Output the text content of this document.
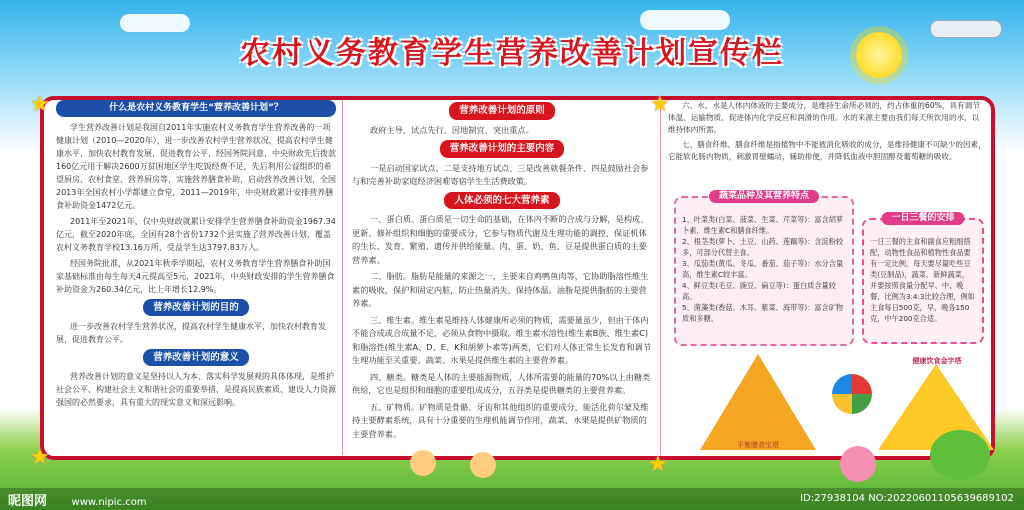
农村义务教育学生营养改善计划宣传栏
什么是农村义务教育学生“营养改善计划”？

学生营养改善计划是我国自2011年实施农村义务教育学生营养改善的一项健康计划（2010—2020年），进一步改善农村学生营养状况，提高农村学生健康水平，加快农村教育发展，促进教育公平，经国务院同意，中央财政先后拨款160亿元用于解决2600万贫困地区学生吃饭经费不足，先后利用公益组织的希望厨房、农村食堂、营养厨房等，实施营养膳食补助，启动营养改善计划，全国2013年全国农村小学都建立食堂，2011—2019年，中央财政累计安排营养膳食补助资金1472亿元。

2011年至2021年，仅中央财政就累计安排学生营养膳食补助资金1967.34亿元，截至2020年底，全国有28个省份1732个县实施了营养改善计划，覆盖农村义务教育学校13.16万所，受益学生达3797.83万人。

经国务院批准，从2021年秋季学期起，农村义务教育学生营养膳食补助国家基础标准由每生每天4元提高至5元，2021年，中央财政安排的学生营养膳食补助资金为260.34亿元，比上年增长12.9%。

营养改善计划的目的

进一步改善农村学生营养状况，提高农村学生健康水平，加快农村教育发展，促进教育公平。

营养改善计划的意义

营养改善计划的意义是坚持以人为本、落实科学发展观的具体体现，是维护社会公平、构建社会主义和谐社会的重要举措，是提高民族素质、建设人力资源强国的必然要求，具有重大的现实意义和深远影响。

营养改善计划的原则

政府主导、试点先行、因地制宜、突出重点。

营养改善计划的主要内容

一是启动国家试点、二是支持地方试点、三是改善就餐条件、四是鼓励社会参与和完善补助家庭经济困难寄宿学生生活费政策。

人体必须的七大营养素

一、蛋白质。蛋白质是一切生命的基础，在体内不断的合成与分解，是构成、更新、修补组织和细胞的重要成分，它参与物质代谢及生理功能的调控，保证机体的生长、发育、繁殖、遗传并供给能量。肉、蛋、奶、鱼、豆是提供蛋白质的主要营养素。

二、脂肪。脂肪是能量的来源之一，主要来自鸡鸭鱼肉等，它协助脂溶性维生素的吸收，保护和固定内脏，防止热量消失，保持体温。油脂是提供脂肪的主要营养素。

三、维生素。维生素是维持人体健康所必须的物质，需要量虽少，但由于体内不能合成或合成量不足，必须从食物中摄取。维生素水溶性(维生素B族、维生素C)和脂溶性(维生素A、D、E、K和胡萝卜素等)两类，它们对人体正常生长发育和调节生理功能至关重要。蔬菜、水果是提供维生素的主要营养素。

四、糖类。糖类是人体的主要能源物质，人体所需要的能量的70%以上由糖类供给，它也是组织和细胞的重要组成成分，五谷类是提供糖类的主要营养素。

五、矿物质。矿物质是骨骼、牙齿和其他组织的重要成分，能活化荷尔蒙及维持主要酵素系统，具有十分重要的生理机能调节作用，蔬菜、水果是提供矿物质的主要营养素。

六、水。水是人体内体液的主要成分，是维持生命所必须的，约占体重的60%，具有调节体温、运输物质、促进体内化学反应和润滑的作用。水的来源主要由我们每天所饮用的水，以维持体内所需。

七、膳食纤维。膳食纤维是指植物中不能被消化吸收的成分，是维持健康不可缺少的因素，它能软化肠内物质，刺激胃壁蠕动，辅助排便，并降低血液中胆固醇及葡萄糖的吸收。

蔬菜品种及其营养特点
1、叶菜类(白菜、菠菜、生菜、芹菜等)：富含胡萝卜素、维生素C和膳食纤维。
2、根茎类(萝卜、土豆、山药、莲藕等)：含淀粉较多，可部分代替主食。
3、瓜茄类(黄瓜、冬瓜、番茄、茄子等)：水分含量高，维生素C较丰富。
4、鲜豆类(毛豆、豌豆、扁豆等)：蛋白质含量较高。
5、菌藻类(香菇、木耳、紫菜、海带等)：富含矿物质和多糖。
一日三餐的安排
一日三餐的主食和副食应粗细搭配，动物性食品和植物性食品要有一定比例，每天要尽量吃些豆类(豆制品)，蔬菜、新鲜蔬菜，并要按照食量分配早、中、晚餐，比例为3:4:3比较合理，例如主食每日500克，早、晚各150克，中午200克合适。
平衡膳食宝塔
健康饮食金字塔
★	★
★
★
昵图网 www.nipic.com	ID:27938104 NO:20220601105639689102
